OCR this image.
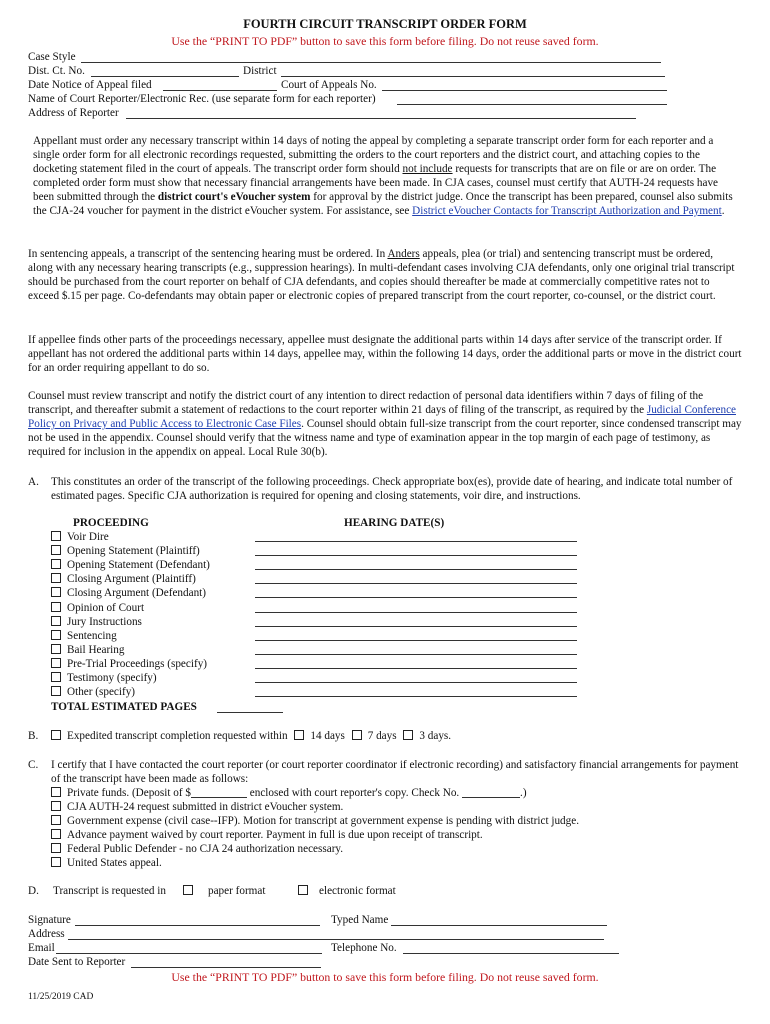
FOURTH CIRCUIT TRANSCRIPT ORDER FORM
Use the “PRINT TO PDF” button to save this form before filing. Do not reuse saved form.
Case Style
Dist. Ct. No.	District
Date Notice of Appeal filed	Court of Appeals No.
Name of Court Reporter/Electronic Rec. (use separate form for each reporter)
Address of Reporter
Appellant must order any necessary transcript within 14 days of noting the appeal by completing a separate transcript order form for each reporter and a single order form for all electronic recordings requested, submitting the orders to the court reporters and the district court, and attaching copies to the docketing statement filed in the court of appeals. The transcript order form should not include requests for transcripts that are on file or are on order. The completed order form must show that necessary financial arrangements have been made. In CJA cases, counsel must certify that AUTH-24 requests have been submitted through the district court's eVoucher system for approval by the district judge. Once the transcript has been prepared, counsel also submits the CJA-24 voucher for payment in the district eVoucher system. For assistance, see District eVoucher Contacts for Transcript Authorization and Payment.
In sentencing appeals, a transcript of the sentencing hearing must be ordered. In Anders appeals, plea (or trial) and sentencing transcript must be ordered, along with any necessary hearing transcripts (e.g., suppression hearings). In multi-defendant cases involving CJA defendants, only one original trial transcript should be purchased from the court reporter on behalf of CJA defendants, and copies should thereafter be made at commercially competitive rates not to exceed $.15 per page. Co-defendants may obtain paper or electronic copies of prepared transcript from the court reporter, co-counsel, or the district court.
If appellee finds other parts of the proceedings necessary, appellee must designate the additional parts within 14 days after service of the transcript order. If appellant has not ordered the additional parts within 14 days, appellee may, within the following 14 days, order the additional parts or move in the district court for an order requiring appellant to do so.
Counsel must review transcript and notify the district court of any intention to direct redaction of personal data identifiers within 7 days of filing of the transcript, and thereafter submit a statement of redactions to the court reporter within 21 days of filing of the transcript, as required by the Judicial Conference Policy on Privacy and Public Access to Electronic Case Files. Counsel should obtain full-size transcript from the court reporter, since condensed transcript may not be used in the appendix. Counsel should verify that the witness name and type of examination appear in the top margin of each page of testimony, as required for inclusion in the appendix on appeal. Local Rule 30(b).
A. This constitutes an order of the transcript of the following proceedings. Check appropriate box(es), provide date of hearing, and indicate total number of estimated pages. Specific CJA authorization is required for opening and closing statements, voir dire, and instructions.
PROCEEDING	HEARING DATE(S)
Voir Dire
Opening Statement (Plaintiff)
Opening Statement (Defendant)
Closing Argument (Plaintiff)
Closing Argument (Defendant)
Opinion of Court
Jury Instructions
Sentencing
Bail Hearing
Pre-Trial Proceedings (specify)
Testimony (specify)
Other (specify)
TOTAL ESTIMATED PAGES
B.	Expedited transcript completion requested within 14 days 7 days 3 days.
C. I certify that I have contacted the court reporter (or court reporter coordinator if electronic recording) and satisfactory financial arrangements for payment of the transcript have been made as follows:
Private funds. (Deposit of $	enclosed with court reporter's copy. Check No.	.)
CJA AUTH-24 request submitted in district eVoucher system.
Government expense (civil case--IFP). Motion for transcript at government expense is pending with district judge.
Advance payment waived by court reporter. Payment in full is due upon receipt of transcript.
Federal Public Defender - no CJA 24 authorization necessary.
United States appeal.
D. Transcript is requested in	paper format	electronic format
Signature	Typed Name
Address
Email	Telephone No.
Date Sent to Reporter
Use the “PRINT TO PDF” button to save this form before filing. Do not reuse saved form.
11/25/2019 CAD
